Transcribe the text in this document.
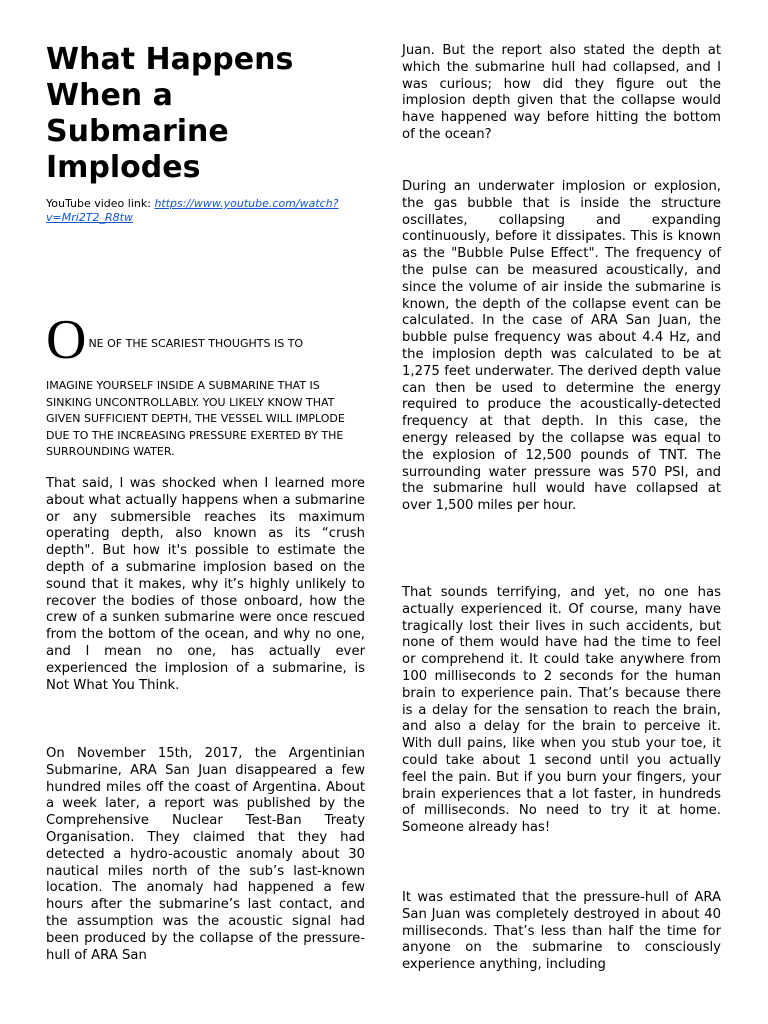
What Happens When a Submarine Implodes

YouTube video link: https://www.youtube.com/watch?v=Mri2T2_R8tw

O NE OF THE SCARIEST THOUGHTS IS TO

IMAGINE YOURSELF INSIDE A SUBMARINE THAT IS SINKING UNCONTROLLABLY. YOU LIKELY KNOW THAT GIVEN SUFFICIENT DEPTH, THE VESSEL WILL IMPLODE DUE TO THE INCREASING PRESSURE EXERTED BY THE SURROUNDING WATER.

That said, I was shocked when I learned more about what actually happens when a submarine or any submersible reaches its maximum operating depth, also known as its “crush depth". But how it's possible to estimate the depth of a submarine implosion based on the sound that it makes, why it’s highly unlikely to recover the bodies of those onboard, how the crew of a sunken submarine were once rescued from the bottom of the ocean, and why no one, and I mean no one, has actually ever experienced the implosion of a submarine, is Not What You Think.

On November 15th, 2017, the Argentinian Submarine, ARA San Juan disappeared a few hundred miles off the coast of Argentina. About a week later, a report was published by the Comprehensive Nuclear Test-Ban Treaty Organisation. They claimed that they had detected a hydro-acoustic anomaly about 30 nautical miles north of the sub’s last-known location. The anomaly had happened a few hours after the submarine’s last contact, and the assumption was the acoustic signal had been produced by the collapse of the pressure-hull of ARA San

Juan. But the report also stated the depth at which the submarine hull had collapsed, and I was curious; how did they figure out the implosion depth given that the collapse would have happened way before hitting the bottom of the ocean?

During an underwater implosion or explosion, the gas bubble that is inside the structure oscillates, collapsing and expanding continuously, before it dissipates. This is known as the "Bubble Pulse Effect". The frequency of the pulse can be measured acoustically, and since the volume of air inside the submarine is known, the depth of the collapse event can be calculated. In the case of ARA San Juan, the bubble pulse frequency was about 4.4 Hz, and the implosion depth was calculated to be at 1,275 feet underwater. The derived depth value can then be used to determine the energy required to produce the acoustically-detected frequency at that depth. In this case, the energy released by the collapse was equal to the explosion of 12,500 pounds of TNT. The surrounding water pressure was 570 PSI, and the submarine hull would have collapsed at over 1,500 miles per hour.

That sounds terrifying, and yet, no one has actually experienced it. Of course, many have tragically lost their lives in such accidents, but none of them would have had the time to feel or comprehend it. It could take anywhere from 100 milliseconds to 2 seconds for the human brain to experience pain. That’s because there is a delay for the sensation to reach the brain, and also a delay for the brain to perceive it. With dull pains, like when you stub your toe, it could take about 1 second until you actually feel the pain. But if you burn your fingers, your brain experiences that a lot faster, in hundreds of milliseconds. No need to try it at home. Someone already has!

It was estimated that the pressure-hull of ARA San Juan was completely destroyed in about 40 milliseconds. That’s less than half the time for anyone on the submarine to consciously experience anything, including
